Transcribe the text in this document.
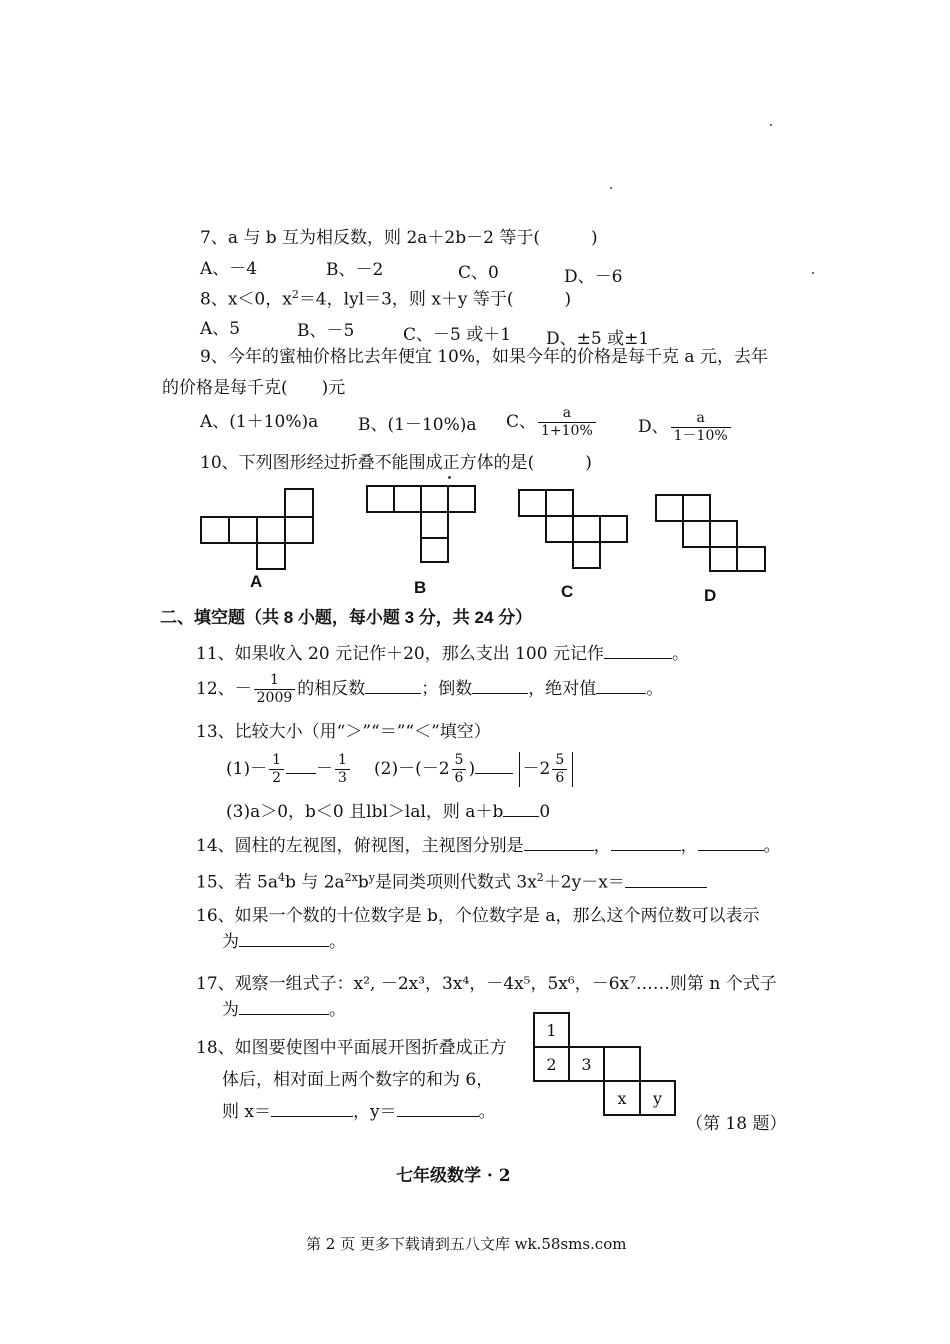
7、a 与 b 互为相反数，则 2a＋2b－2 等于(　　　)
A、－4	B、－2	C、0	D、－6
8、x＜0，$x^2=4$，lyl＝3，则 x＋y 等于(　　　)
A、5	B、－5	C、－5 或＋1 D、±5 或±1
9、今年的蜜柚价格比去年便宜 10%，如果今年的价格是每千克 a 元，去年
的价格是每千克(　　)元
A、(1＋10%)a B、(1－10%)a C、 $\frac{a}{1+10\%}$ D、 $\frac{a}{1-10\%}$
10、下列图形经过折叠不能围成正方体的是(　　　)
A	B	C	D
二、填空题（共 8 小题，每小题 3 分，共 24 分）
11、如果收入 20 元记作＋20，那么支出 100 元记作	。
12、－ $\frac{1}{2009}$ 的相反数	；倒数	，绝对值	。
13、比较大小（用“＞”“＝”“＜”填空）
$(1)- \frac{1}{2} - \frac{1}{3} (2)-(-2 \frac{5}{6}$ )	$-2 \frac{5}{6}$
(3)a＞0，b＜0 且lbl＞lal，则 a＋b 0
14、圆柱的左视图，俯视图，主视图分别是	，	，	。
15、若 $5a^4b$ 与 $2a^{2x}b^y$是同类项则代数式 $3x^2+2y-x=$
16、如果一个数的十位数字是 b，个位数字是 a，那么这个两位数可以表示
为	。
17、观察一组式子：x², －2x³，3x⁴，－4x⁵，5x⁶，－6x⁷……则第 n 个式子
为	。
18、如图要使图中平面展开图折叠成正方
体后，相对面上两个数字的和为 6，
则 x＝	，y＝	。
1
2	3
x	y
（第 18 题）
七年级数学 · 2
第 2 页 更多下载请到五八文库 wk.58sms.com
